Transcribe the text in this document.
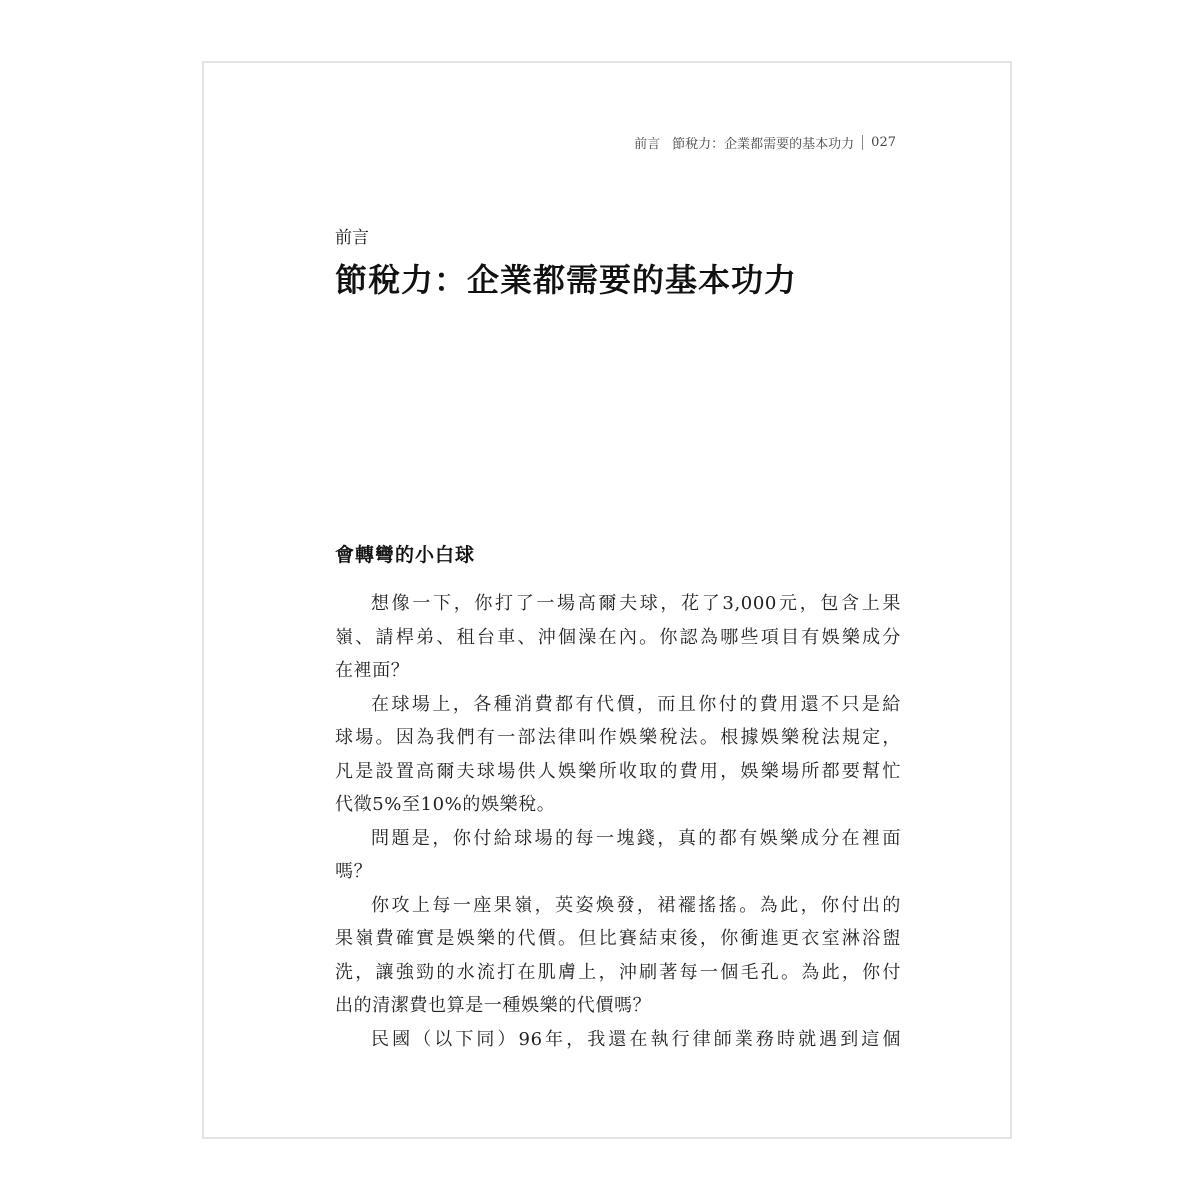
前言 節稅力：企業都需要的基本功力 027
前言
節稅力：企業都需要的基本功力
會轉彎的小白球

想像一下，你打了一場高爾夫球，花了3,000元，包含上果
嶺、請桿弟、租台車、沖個澡在內。你認為哪些項目有娛樂成分
在裡面？

在球場上，各種消費都有代價，而且你付的費用還不只是給
球場。因為我們有一部法律叫作娛樂稅法。根據娛樂稅法規定，
凡是設置高爾夫球場供人娛樂所收取的費用，娛樂場所都要幫忙
代徵5%至10%的娛樂稅。

問題是，你付給球場的每一塊錢，真的都有娛樂成分在裡面
嗎？

你攻上每一座果嶺，英姿煥發，裙襬搖搖。為此，你付出的
果嶺費確實是娛樂的代價。但比賽結束後，你衝進更衣室淋浴盥
洗，讓強勁的水流打在肌膚上，沖刷著每一個毛孔。為此，你付
出的清潔費也算是一種娛樂的代價嗎？

民國（以下同）96年，我還在執行律師業務時就遇到這個
